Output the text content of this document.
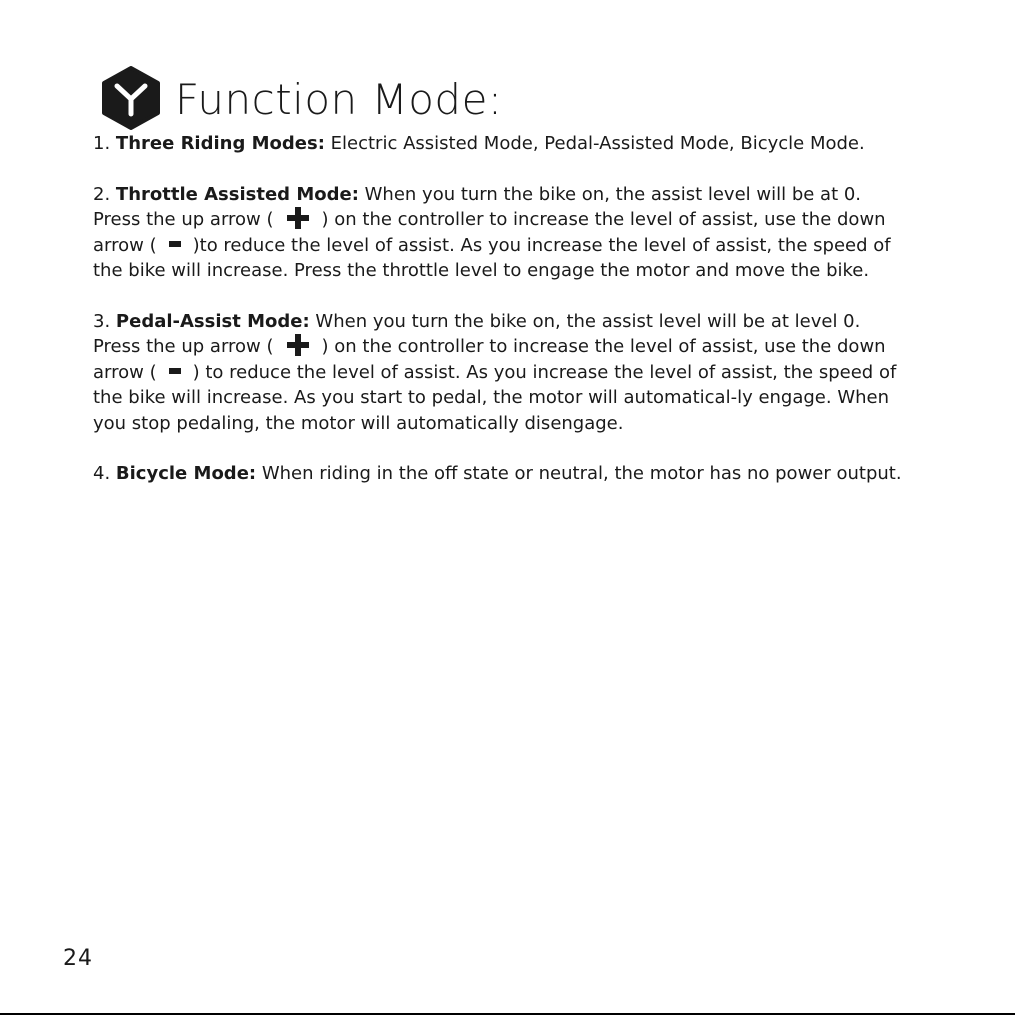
Function Mode:

1. Three Riding Modes: Electric Assisted Mode, Pedal-Assisted Mode, Bicycle Mode.

2. Throttle Assisted Mode: When you turn the bike on, the assist level will be at 0. Press the up arrow (	) on the controller to increase the level of assist, use the down arrow ( )to reduce the level of assist. As you increase the level of assist, the speed of the bike will increase. Press the throttle level to engage the motor and move the bike.

3. Pedal-Assist Mode: When you turn the bike on, the assist level will be at level 0. Press the up arrow (	) on the controller to increase the level of assist, use the down arrow ( ) to reduce the level of assist. As you increase the level of assist, the speed of the bike will increase. As you start to pedal, the motor will automatical-ly engage. When you stop pedaling, the motor will automatically disengage.

4. Bicycle Mode: When riding in the off state or neutral, the motor has no power output.

24
